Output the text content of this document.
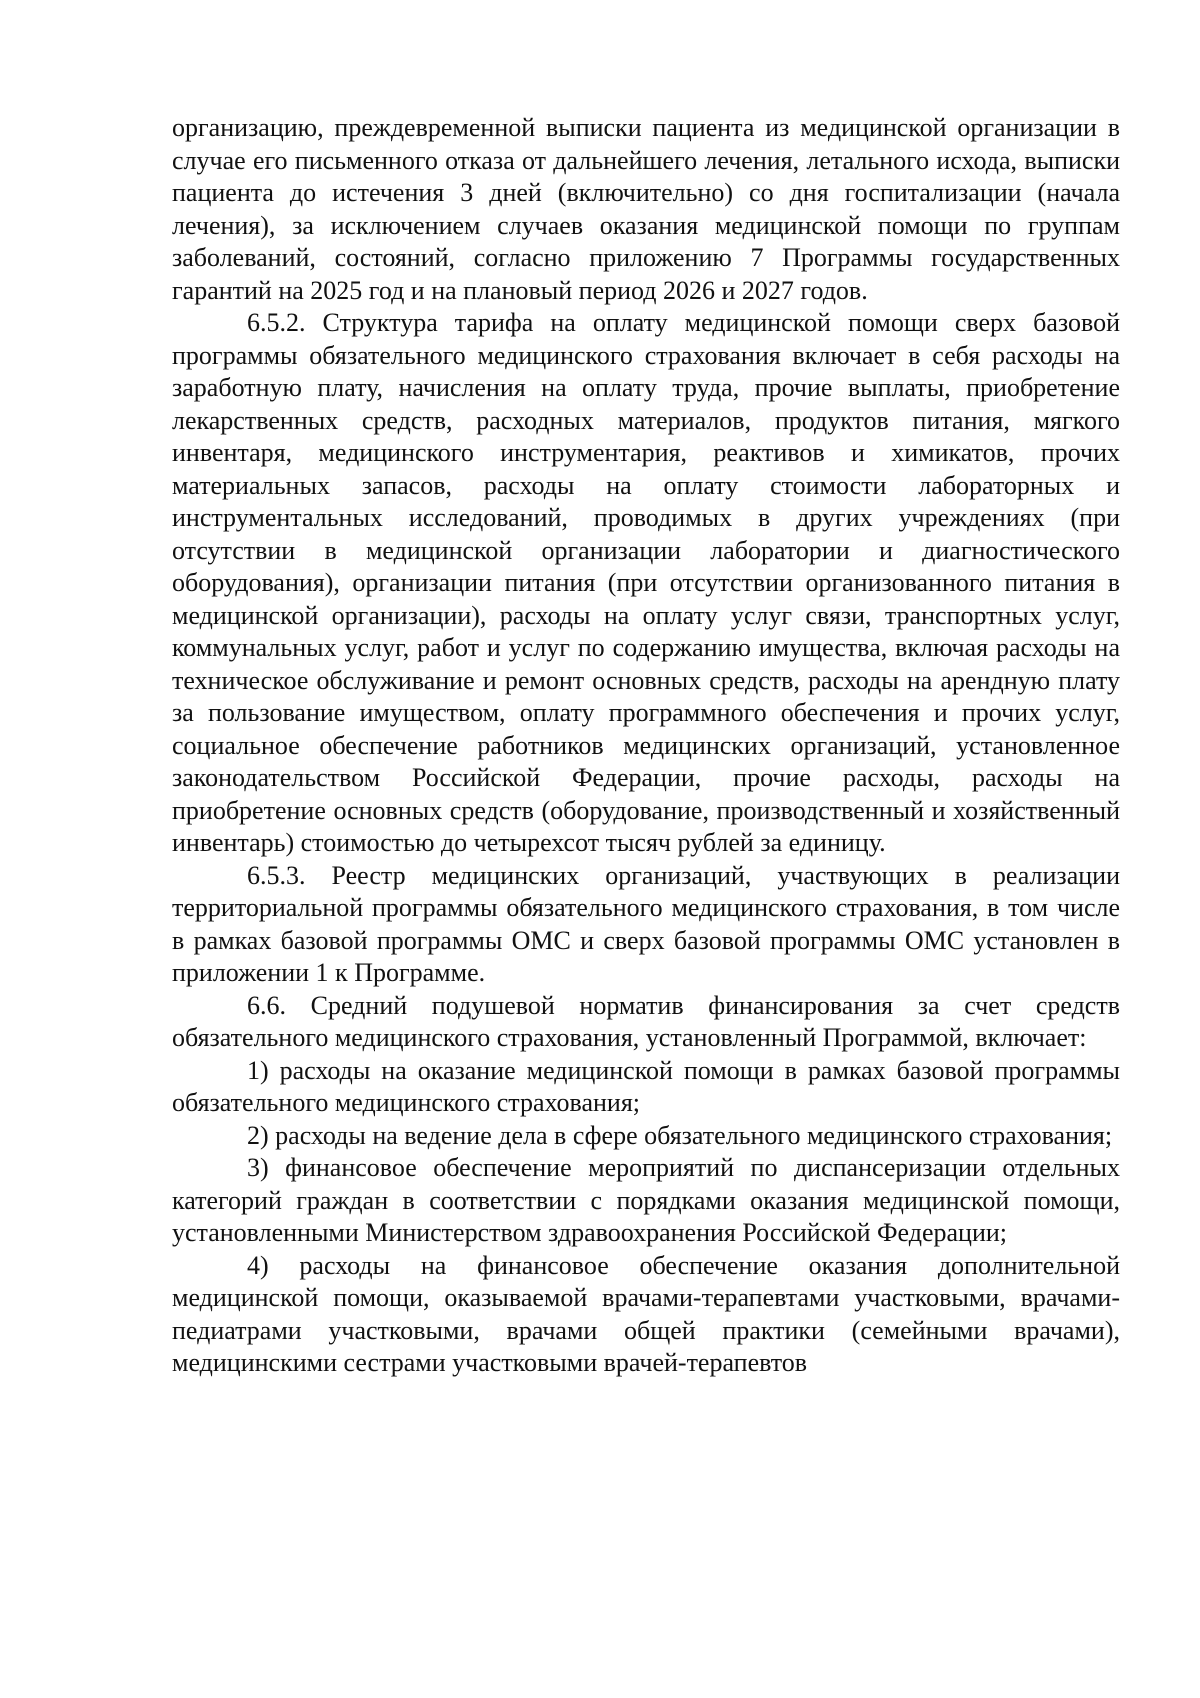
организацию, преждевременной выписки пациента из медицинской организации в случае его письменного отказа от дальнейшего лечения, летального исхода, выписки пациента до истечения 3 дней (включительно) со дня госпитализации (начала лечения), за исключением случаев оказания медицинской помощи по группам заболеваний, состояний, согласно приложению 7 Программы государственных гарантий на 2025 год и на плановый период 2026 и 2027 годов.

6.5.2. Структура тарифа на оплату медицинской помощи сверх базовой программы обязательного медицинского страхования включает в себя расходы на заработную плату, начисления на оплату труда, прочие выплаты, приобретение лекарственных средств, расходных материалов, продуктов питания, мягкого инвентаря, медицинского инструментария, реактивов и химикатов, прочих материальных запасов, расходы на оплату стоимости лабораторных и инструментальных исследований, проводимых в других учреждениях (при отсутствии в медицинской организации лаборатории и диагностического оборудования), организации питания (при отсутствии организованного питания в медицинской организации), расходы на оплату услуг связи, транспортных услуг, коммунальных услуг, работ и услуг по содержанию имущества, включая расходы на техническое обслуживание и ремонт основных средств, расходы на арендную плату за пользование имуществом, оплату программного обеспечения и прочих услуг, социальное обеспечение работников медицинских организаций, установленное законодательством Российской Федерации, прочие расходы, расходы на приобретение основных средств (оборудование, производственный и хозяйственный инвентарь) стоимостью до четырехсот тысяч рублей за единицу.

6.5.3. Реестр медицинских организаций, участвующих в реализации территориальной программы обязательного медицинского страхования, в том числе в рамках базовой программы ОМС и сверх базовой программы ОМС установлен в приложении 1 к Программе.

6.6. Средний подушевой норматив финансирования за счет средств обязательного медицинского страхования, установленный Программой, включает:

1) расходы на оказание медицинской помощи в рамках базовой программы обязательного медицинского страхования;

2) расходы на ведение дела в сфере обязательного медицинского страхования;

3) финансовое обеспечение мероприятий по диспансеризации отдельных категорий граждан в соответствии с порядками оказания медицинской помощи, установленными Министерством здравоохранения Российской Федерации;

4) расходы на финансовое обеспечение оказания дополнительной медицинской помощи, оказываемой врачами-терапевтами участковыми, врачами-педиатрами участковыми, врачами общей практики (семейными врачами), медицинскими сестрами участковыми врачей-терапевтов
